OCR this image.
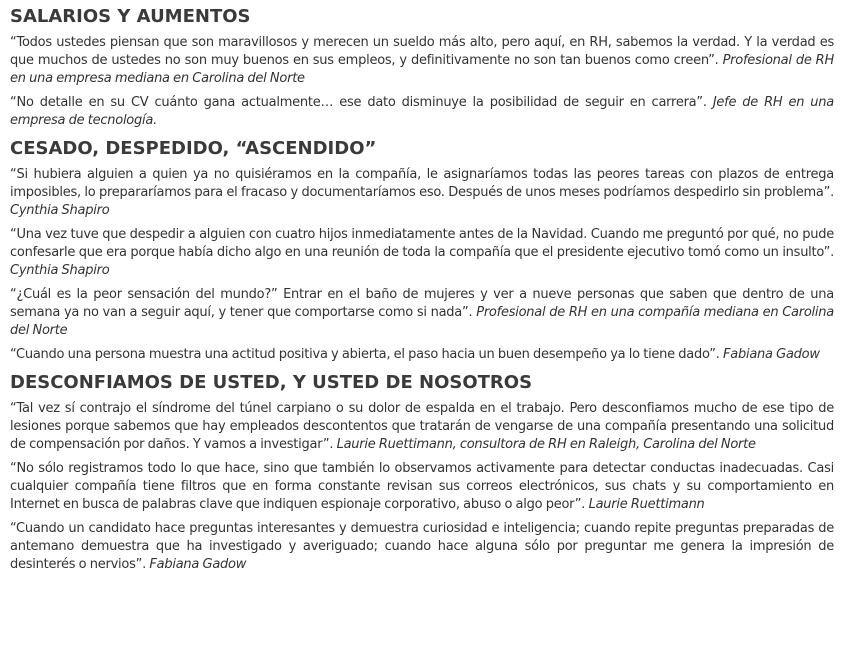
SALARIOS Y AUMENTOS

“Todos ustedes piensan que son maravillosos y merecen un sueldo más alto, pero aquí, en RH, sabemos la verdad. Y la verdad es que muchos de ustedes no son muy buenos en sus empleos, y definitivamente no son tan buenos como creen”. Profesional de RH en una empresa mediana en Carolina del Norte

“No detalle en su CV cuánto gana actualmente… ese dato disminuye la posibilidad de seguir en carrera”. Jefe de RH en una empresa de tecnología.

CESADO, DESPEDIDO, “ASCENDIDO”

“Si hubiera alguien a quien ya no quisiéramos en la compañía, le asignaríamos todas las peores tareas con plazos de entrega imposibles, lo prepararíamos para el fracaso y documentaríamos eso. Después de unos meses podríamos despedirlo sin problema”. Cynthia Shapiro

“Una vez tuve que despedir a alguien con cuatro hijos inmediatamente antes de la Navidad. Cuando me preguntó por qué, no pude confesarle que era porque había dicho algo en una reunión de toda la compañía que el presidente ejecutivo tomó como un insulto”. Cynthia Shapiro

“¿Cuál es la peor sensación del mundo?” Entrar en el baño de mujeres y ver a nueve personas que saben que dentro de una semana ya no van a seguir aquí, y tener que comportarse como si nada”. Profesional de RH en una compañía mediana en Carolina del Norte

“Cuando una persona muestra una actitud positiva y abierta, el paso hacia un buen desempeño ya lo tiene dado”. Fabiana Gadow

DESCONFIAMOS DE USTED, Y USTED DE NOSOTROS

“Tal vez sí contrajo el síndrome del túnel carpiano o su dolor de espalda en el trabajo. Pero desconfiamos mucho de ese tipo de lesiones porque sabemos que hay empleados descontentos que tratarán de vengarse de una compañía presentando una solicitud de compensación por daños. Y vamos a investigar”. Laurie Ruettimann, consultora de RH en Raleigh, Carolina del Norte

“No sólo registramos todo lo que hace, sino que también lo observamos activamente para detectar conductas inadecuadas. Casi cualquier compañía tiene filtros que en forma constante revisan sus correos electrónicos, sus chats y su comportamiento en Internet en busca de palabras clave que indiquen espionaje corporativo, abuso o algo peor”. Laurie Ruettimann

“Cuando un candidato hace preguntas interesantes y demuestra curiosidad e inteligencia; cuando repite preguntas preparadas de antemano demuestra que ha investigado y averiguado; cuando hace alguna sólo por preguntar me genera la impresión de desinterés o nervios”. Fabiana Gadow
